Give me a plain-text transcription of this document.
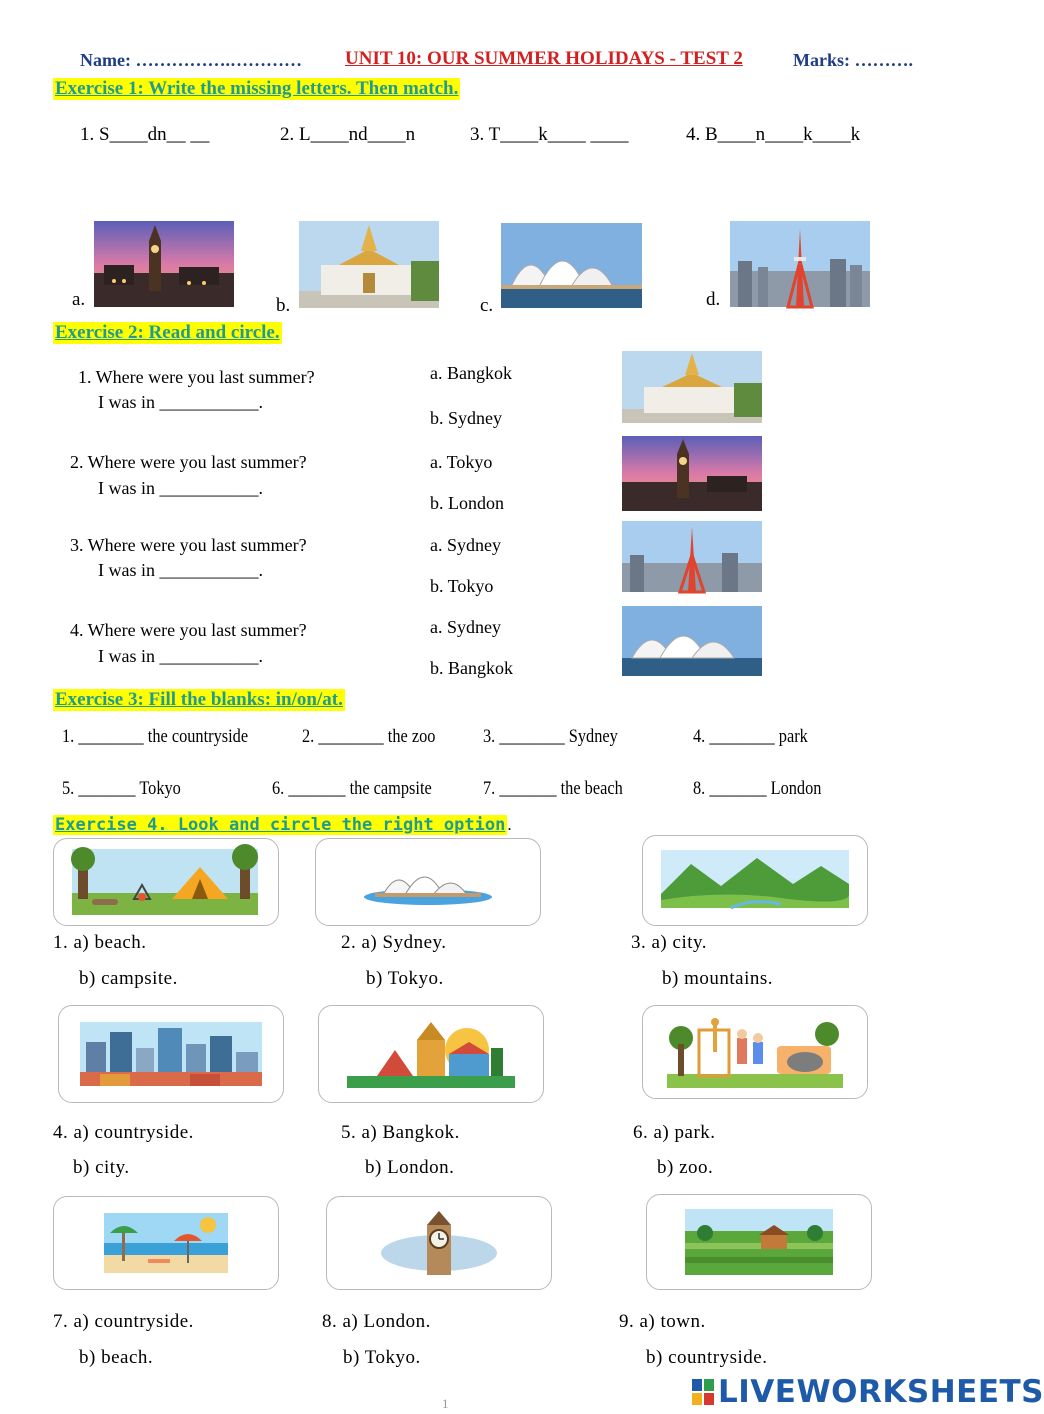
Name: …………….………… UNIT 10: OUR SUMMER HOLIDAYS - TEST 2	Marks: ……….
Exercise 1: Write the missing letters. Then match.
1. S____dn__ __	2. L____nd____n	3. T____k____ ____	4. B____n____k____k
a.	b.	c.	d.
Exercise 2: Read and circle.
1. Where were you last summer?
I was in ___________.
a. Bangkok
b. Sydney
2. Where were you last summer?
I was in ___________.
a. Tokyo
b. London
3. Where were you last summer?
I was in ___________.
a. Sydney
b. Tokyo
4. Where were you last summer?
I was in ___________.
a. Sydney
b. Bangkok
Exercise 3: Fill the blanks: in/on/at.
1. ________ the countryside	2. ________ the zoo	3. ________ Sydney	4. ________ park
5. _______ Tokyo	6. _______ the campsite	7. _______ the beach	8. _______ London
Exercise 4. Look and circle the right option .
1. a) beach.
b) campsite.
2. a) Sydney.
b) Tokyo.
3. a) city.
b) mountains.
4. a) countryside.
b) city.
5. a) Bangkok.
b) London.
6. a) park.
b) zoo.
7. a) countryside.
b) beach.
8. a) London.
b) Tokyo.
9. a) town.
b) countryside.
1	LIVEWORKSHEETS
